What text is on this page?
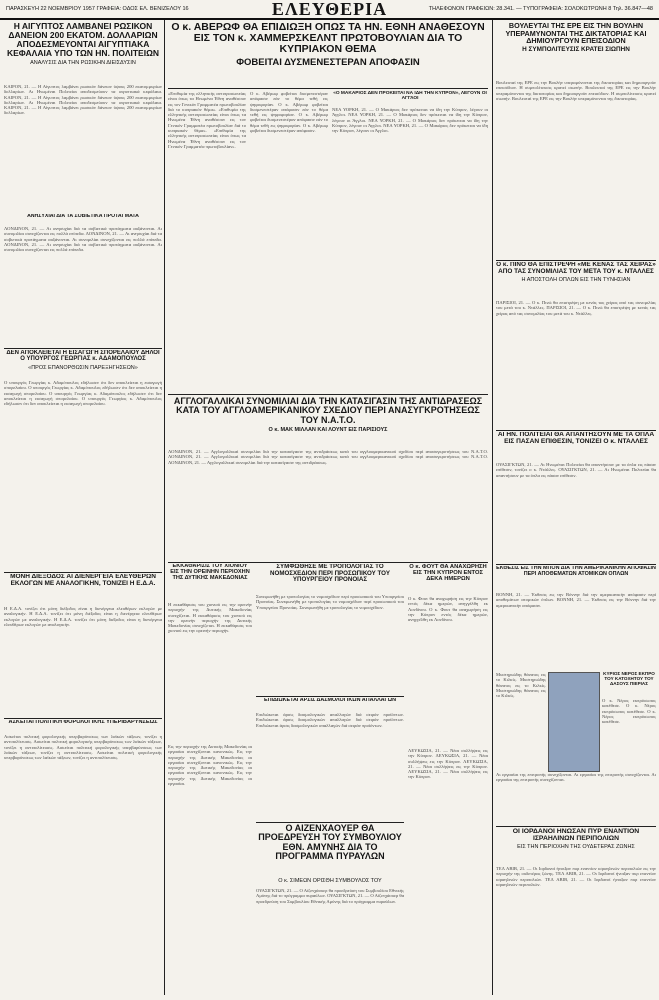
ΠΑΡΑΣΚΕΥΗ 22 ΝΟΕΜΒΡΙΟΥ 1957 ΓΡΑΦΕΙΑ: ΟΔΟΣ ΕΛ. ΒΕΝΙΖΕΛΟΥ 16	ΕΛΕΥΘΕΡΙΑ	ΤΗΛΕΦΩΝΟΝ ΓΡΑΦΕΙΩΝ: 28.341. — ΤΥΠΟΓΡΑΦΕΙΑ: ΣΟΛΟΚΩΤΡΩΝΗ 8 Τηλ. 36.847—48
Η ΑΙΓΥΠΤΟΣ ΛΑΜΒΑΝΕΙ ΡΩΣΙΚΟΝ ΔΑΝΕΙΟΝ 200 ΕΚΑΤΟΜ. ΔΟΛΛΑΡΙΩΝ ΑΠΟΔΕΣΜΕΥΟΝΤΑΙ ΑΙΓΥΠΤΙΑΚΑ ΚΕΦΑΛΑΙΑ ΥΠΟ ΤΩΝ ΗΝ. ΠΟΛΙΤΕΙΩΝ
ΑΝΑΛΥΣΙΣ ΔΙΑ ΤΗΝ ΡΩΣΙΚΗΝ ΔΙΕΙΣΔΥΣΙΝ
ΚΑΙΡΟΝ, 21. — Η Αίγυπτος λαμβάνει ρωσικόν δάνειον ύψους 200 εκατομμυρίων δολλαρίων. Αι Ηνωμέναι Πολιτείαι αποδεσμεύουν τα αιγυπτιακά κεφάλαια. ΚΑΙΡΟΝ, 21. — Η Αίγυπτος λαμβάνει ρωσικόν δάνειον ύψους 200 εκατομμυρίων δολλαρίων. Αι Ηνωμέναι Πολιτείαι αποδεσμεύουν τα αιγυπτιακά κεφάλαια. ΚΑΙΡΟΝ, 21. — Η Αίγυπτος λαμβάνει ρωσικόν δάνειον ύψους 200 εκατομμυρίων δολλαρίων.
ΑΝΗΣΥΧΙΑΙ ΔΙΑ ΤΑ ΣΟΒΙΕΤΙΚΑ ΠΡΟΤΑΓΜΑΤΑ
ΛΟΝΔΙΝΟΝ, 21. — Αι ανησυχίαι διά τα σοβιετικά προτάγματα αυξάνονται. Αι συνομιλίαι συνεχίζονται εις πολλά επίπεδα. ΛΟΝΔΙΝΟΝ, 21. — Αι ανησυχίαι διά τα σοβιετικά προτάγματα αυξάνονται. Αι συνομιλίαι συνεχίζονται εις πολλά επίπεδα. ΛΟΝΔΙΝΟΝ, 21. — Αι ανησυχίαι διά τα σοβιετικά προτάγματα αυξάνονται. Αι συνομιλίαι συνεχίζονται εις πολλά επίπεδα.
ΔΕΝ ΑΠΟΚΛΕΙΕΤΑΙ Η ΕΙΣΑΓΩΓΗ ΣΠΟΡΕΛΑΙΟΥ ΔΗΛΟΙ Ο ΥΠΟΥΡΓΟΣ ΓΕΩΡΓΙΑΣ κ. ΑΔΑΜΟΠΟΥΛΟΣ
«ΠΡΟΣ ΕΠΑΝΟΡΘΩΣΙΝ ΠΑΡΕΞΗΓΗΣΕΩΝ»
Ο υπουργός Γεωργίας κ. Αδαμόπουλος εδήλωσεν ότι δεν αποκλείεται η εισαγωγή σπορελαίου. Ο υπουργός Γεωργίας κ. Αδαμόπουλος εδήλωσεν ότι δεν αποκλείεται η εισαγωγή σπορελαίου. Ο υπουργός Γεωργίας κ. Αδαμόπουλος εδήλωσεν ότι δεν αποκλείεται η εισαγωγή σπορελαίου. Ο υπουργός Γεωργίας κ. Αδαμόπουλος εδήλωσεν ότι δεν αποκλείεται η εισαγωγή σπορελαίου.
ΜΟΝΗ ΔΙΕΞΟΔΟΣ ΑΙ ΔΙΕΝΕΡΓΕΙΑ ΕΛΕΥΘΕΡΩΝ ΕΚΛΟΓΩΝ ΜΕ ΑΝΑΛΟΓΙΚΗΝ, ΤΟΝΙΖΕΙ Η Ε.Δ.Α.
Η Ε.Δ.Α. τονίζει ότι μόνη διέξοδος είναι η διενέργεια ελευθέρων εκλογών με αναλογικήν. Η Ε.Δ.Α. τονίζει ότι μόνη διέξοδος είναι η διενέργεια ελευθέρων εκλογών με αναλογικήν. Η Ε.Δ.Α. τονίζει ότι μόνη διέξοδος είναι η διενέργεια ελευθέρων εκλογών με αναλογικήν.
ΑΣΚΕΙΤΑΙ ΠΟΛΙΤΙΚΗ ΦΟΡΟΛΟΓΙΚΗΣ ΥΠΕΡΙΒΑΡΥΝΣΕΩΣ
Ασκείται πολιτική φορολογικής υπερβαρύνσεως των λαϊκών τάξεων, τονίζει η αντιπολίτευσις. Ασκείται πολιτική φορολογικής υπερβαρύνσεως των λαϊκών τάξεων, τονίζει η αντιπολίτευσις. Ασκείται πολιτική φορολογικής υπερβαρύνσεως των λαϊκών τάξεων, τονίζει η αντιπολίτευσις. Ασκείται πολιτική φορολογικής υπερβαρύνσεως των λαϊκών τάξεων, τονίζει η αντιπολίτευσις.
Ο κ. ΑΒΕΡΩΦ ΘΑ ΕΠΙΔΙΩΞΗ ΟΠΩΣ ΤΑ ΗΝ. ΕΘΝΗ ΑΝΑΘΕΣΟΥΝ ΕΙΣ ΤΟΝ κ. ΧΑΜΜΕΡΣΚΕΛΝΤ ΠΡΩΤΟΒΟΥΛΙΑΝ ΔΙΑ ΤΟ ΚΥΠΡΙΑΚΟΝ ΘΕΜΑ
ΦΟΒΕΙΤΑΙ ΔΥΣΜΕΝΕΣΤΕΡΑΝ ΑΠΟΦΑΣΙΝ
«Επιθυμία της ελληνικής αντιπροσωπείας είναι όπως τα Ηνωμένα Έθνη αναθέσουν εις τον Γενικόν Γραμματέα πρωτοβουλίαν διά το κυπριακόν θέμα». «Επιθυμία της ελληνικής αντιπροσωπείας είναι όπως τα Ηνωμένα Έθνη αναθέσουν εις τον Γενικόν Γραμματέα πρωτοβουλίαν διά το κυπριακόν θέμα». «Επιθυμία της ελληνικής αντιπροσωπείας είναι όπως τα Ηνωμένα Έθνη αναθέσουν εις τον Γενικόν Γραμματέα πρωτοβουλίαν».
Ο κ. Αβέρωφ φοβείται δυσμενεστέραν απόφασιν εάν το θέμα τεθή εις ψηφοφορίαν. Ο κ. Αβέρωφ φοβείται δυσμενεστέραν απόφασιν εάν το θέμα τεθή εις ψηφοφορίαν. Ο κ. Αβέρωφ φοβείται δυσμενεστέραν απόφασιν εάν το θέμα τεθή εις ψηφοφορίαν. Ο κ. Αβέρωφ φοβείται δυσμενεστέραν απόφασιν.
«Ο ΜΑΚΑΡΙΟΣ ΔΕΝ ΠΡΟΚΕΙΤΑΙ ΝΑ ΙΔΗ ΤΗΝ ΚΥΠΡΟΝ», ΛΕΓΟΥΝ ΟΙ ΑΓΓΛΟΙ
ΝΕΑ ΥΟΡΚΗ, 21. — Ο Μακάριος δεν πρόκειται να ίδη την Κύπρον, λέγουν οι Άγγλοι. ΝΕΑ ΥΟΡΚΗ, 21. — Ο Μακάριος δεν πρόκειται να ίδη την Κύπρον, λέγουν οι Άγγλοι. ΝΕΑ ΥΟΡΚΗ, 21. — Ο Μακάριος δεν πρόκειται να ίδη την Κύπρον, λέγουν οι Άγγλοι. ΝΕΑ ΥΟΡΚΗ, 21. — Ο Μακάριος δεν πρόκειται να ίδη την Κύπρον, λέγουν οι Άγγλοι.
ΑΓΓΛΟΓΑΛΛΙΚΑΙ ΣΥΝΟΜΙΛΙΑΙ ΔΙΑ ΤΗΝ ΚΑΤΑΣΙΓΑΣΙΝ ΤΗΣ ΑΝΤΙΔΡΑΣΕΩΣ ΚΑΤΑ ΤΟΥ ΑΓΓΛΟΑΜΕΡΙΚΑΝΙΚΟΥ ΣΧΕΔΙΟΥ ΠΕΡΙ ΑΝΑΣΥΓΚΡΟΤΗΣΕΩΣ ΤΟΥ Ν.Α.Τ.Ο.
Ο κ. ΜΑΚ ΜΙΛΛΑΝ ΚΑΙ ΛΟΥΝΤ ΕΙΣ ΠΑΡΙΣΙΟΥΣ
ΛΟΝΔΙΝΟΝ, 21. — Αγγλογαλλικαί συνομιλίαι διά την κατασίγασιν της αντιδράσεως κατά του αγγλοαμερικανικού σχεδίου περί ανασυγκροτήσεως του Ν.Α.Τ.Ο. ΛΟΝΔΙΝΟΝ, 21. — Αγγλογαλλικαί συνομιλίαι διά την κατασίγασιν της αντιδράσεως κατά του αγγλοαμερικανικού σχεδίου περί ανασυγκροτήσεως του Ν.Α.Τ.Ο. ΛΟΝΔΙΝΟΝ, 21. — Αγγλογαλλικαί συνομιλίαι διά την κατασίγασιν της αντιδράσεως.
ΕΚΚΑΘΑΡΙΣΙΣ ΤΟΥ ΧΙΟΝΙΟΥ ΕΙΣ ΤΗΝ ΟΡΕΙΝΗΝ ΠΕΡΙΟΧΗΝ ΤΗΣ ΔΥΤΙΚΗΣ ΜΑΚΕΔΟΝΙΑΣ
Η εκκαθάρισις του χιονιού εις την ορεινήν περιοχήν της Δυτικής Μακεδονίας συνεχίζεται. Η εκκαθάρισις του χιονιού εις την ορεινήν περιοχήν της Δυτικής Μακεδονίας συνεχίζεται. Η εκκαθάρισις του χιονιού εις την ορεινήν περιοχήν.
ΣΥΜΦΩΘΗΣΕ ΜΕ ΤΡΟΠΟΛΟΓΙΑΣ ΤΟ ΝΟΜΟΣΧΕΔΙΟΝ ΠΕΡΙ ΠΡΟΣΩΠΙΚΟΥ ΤΟΥ ΥΠΟΥΡΓΕΙΟΥ ΠΡΟΝΟΙΑΣ
Συνεφωνήθη με τροπολογίας το νομοσχέδιον περί προσωπικού του Υπουργείου Προνοίας. Συνεφωνήθη με τροπολογίας το νομοσχέδιον περί προσωπικού του Υπουργείου Προνοίας. Συνεφωνήθη με τροπολογίας το νομοσχέδιον.
Ο κ. ΦΟΥΤ ΘΑ ΑΝΑΧΩΡΗΣΗ ΕΙΣ ΤΗΝ ΚΥΠΡΟΝ ΕΝΤΟΣ ΔΕΚΑ ΗΜΕΡΩΝ
Ο κ. Φουτ θα αναχωρήση εις την Κύπρον εντός δέκα ημερών, ανηγγέλθη εκ Λονδίνου. Ο κ. Φουτ θα αναχωρήση εις την Κύπρον εντός δέκα ημερών, ανηγγέλθη εκ Λονδίνου.
ΕΠΙΔΙΩΚΕΤΑΙ ΑΡΣΙΣ ΔΑΣΜΟΛΟΓΙΚΩΝ ΑΠΑΛΛΑΓΩΝ
Επιδιώκεται άρσις δασμολογικών απαλλαγών διά σειράν προϊόντων. Επιδιώκεται άρσις δασμολογικών απαλλαγών διά σειράν προϊόντων. Επιδιώκεται άρσις δασμολογικών απαλλαγών διά σειράν προϊόντων.
Ο ΑΙΖΕΝΧΑΟΥΕΡ ΘΑ ΠΡΟΕΔΡΕΥΣΗ ΤΟΥ ΣΥΜΒΟΥΛΙΟΥ ΕΘΝ. ΑΜΥΝΗΣ ΔΙΑ ΤΟ ΠΡΟΓΡΑΜΜΑ ΠΥΡΑΥΛΩΝ
Ο κ. ΣΙΜΕΩΝ ΟΡΙΣΘΗ ΣΥΜΒΟΥΛΟΣ ΤΟΥ
ΟΥΑΣΙΓΚΤΩΝ, 21. — Ο Αϊζενχάουερ θα προεδρεύση του Συμβουλίου Εθνικής Αμύνης διά το πρόγραμμα πυραύλων. ΟΥΑΣΙΓΚΤΩΝ, 21. — Ο Αϊζενχάουερ θα προεδρεύση του Συμβουλίου Εθνικής Αμύνης διά το πρόγραμμα πυραύλων.
Εις την περιοχήν της Δυτικής Μακεδονίας αι εργασίαι συνεχίζονται κανονικώς. Εις την περιοχήν της Δυτικής Μακεδονίας αι εργασίαι συνεχίζονται κανονικώς. Εις την περιοχήν της Δυτικής Μακεδονίας αι εργασίαι συνεχίζονται κανονικώς. Εις την περιοχήν της Δυτικής Μακεδονίας αι εργασίαι.
ΛΕΥΚΩΣΙΑ, 21. — Νέαι συλλήψεις εις την Κύπρον. ΛΕΥΚΩΣΙΑ, 21. — Νέαι συλλήψεις εις την Κύπρον. ΛΕΥΚΩΣΙΑ, 21. — Νέαι συλλήψεις εις την Κύπρον. ΛΕΥΚΩΣΙΑ, 21. — Νέαι συλλήψεις εις την Κύπρον.
ΒΟΥΛΕΥΤΑΙ ΤΗΣ ΕΡΕ ΕΙΣ ΤΗΝ ΒΟΥΛΗΝ ΥΠΕΡΑΜΥΝΟΝΤΑΙ ΤΗΣ ΔΙΚΤΑΤΟΡΙΑΣ ΚΑΙ ΔΗΜΙΟΥΡΓΟΥΝ ΕΠΕΙΣΟΔΙΟΝ
Η ΣΥΜΠΟΛΙΤΕΥΣΙΣ ΚΡΑΤΕΙ ΣΙΩΠΗΝ
Βουλευταί της ΕΡΕ εις την Βουλήν υπεραμύνονται της δικτατορίας και δημιουργούν επεισόδιον. Η συμπολίτευσις κρατεί σιωπήν. Βουλευταί της ΕΡΕ εις την Βουλήν υπεραμύνονται της δικτατορίας και δημιουργούν επεισόδιον. Η συμπολίτευσις κρατεί σιωπήν. Βουλευταί της ΕΡΕ εις την Βουλήν υπεραμύνονται της δικτατορίας.
Ο κ. ΠΙΝΟ ΘΑ ΕΠΙΣΤΡΕΨΗ «ΜΕ ΚΕΝΑΣ ΤΑΣ ΧΕΙΡΑΣ» ΑΠΟ ΤΑΣ ΣΥΝΟΜΙΛΙΑΣ ΤΟΥ ΜΕΤΑ ΤΟΥ κ. ΝΤΑΛΛΕΣ
Η ΑΠΟΣΤΟΛΗ ΟΠΛΩΝ ΕΙΣ ΤΗΝ ΤΥΝΗΣΙΑΝ
ΠΑΡΙΣΙΟΙ, 21. — Ο κ. Πινώ θα επιστρέψη με κενάς τας χείρας από τας συνομιλίας του μετά του κ. Ντάλλες. ΠΑΡΙΣΙΟΙ, 21. — Ο κ. Πινώ θα επιστρέψη με κενάς τας χείρας από τας συνομιλίας του μετά του κ. Ντάλλες.
ΑΙ ΗΝ. ΠΟΛΙΤΕΙΑΙ ΘΑ ΑΠΑΝΤΗΣΟΥΝ ΜΕ ΤΑ ΟΠΛΑ ΕΙΣ ΠΑΣΑΝ ΕΠΙΘΕΣΙΝ, ΤΟΝΙΖΕΙ Ο κ. ΝΤΑΛΛΕΣ
ΟΥΑΣΙΓΚΤΩΝ, 21. — Αι Ηνωμέναι Πολιτείαι θα απαντήσουν με τα όπλα εις πάσαν επίθεσιν, τονίζει ο κ. Ντάλλες. ΟΥΑΣΙΓΚΤΩΝ, 21. — Αι Ηνωμέναι Πολιτείαι θα απαντήσουν με τα όπλα εις πάσαν επίθεσιν.
ΕΚΘΕΣΙΣ ΕΙΣ ΤΗΝ ΜΠΟΝ ΔΙΑ ΤΗΝ ΑΜΕΡΙΚΑΝΙΚΗΝ ΑΠΟΦΑΣΙΝ ΠΕΡΙ ΑΠΟΘΕΜΑΤΩΝ ΑΤΟΜΙΚΩΝ ΟΠΛΩΝ
ΒΟΝΝΗ, 21. — Έκθεσις εις την Βόννην διά την αμερικανικήν απόφασιν περί αποθεμάτων ατομικών όπλων. ΒΟΝΝΗ, 21. — Έκθεσις εις την Βόννην διά την αμερικανικήν απόφασιν.
Μυστηριώδης θάνατος εις το Κιλκίς. Μυστηριώδης θάνατος εις το Κιλκίς. Μυστηριώδης θάνατος εις το Κιλκίς.
ΚΥΡΙΟΣ ΝΕΡΟΣ ΕΚΠΡΟ ΤΟΥ ΚΑΤΟΧΗΤΟΥ ΤΟΥ ΔΑΣΟΥΣ ΠΙΕΡΙΑΣ
Ο κ. Νέρος εκπρόσωπος κατέθεσε. Ο κ. Νέρος εκπρόσωπος κατέθεσε. Ο κ. Νέρος εκπρόσωπος κατέθεσε.
ΟΙ ΙΟΡΔΑΝΟΙ ΗΝΩΣΑΝ ΠΥΡ ΕΝΑΝΤΙΟΝ ΙΣΡΑΗΛΙΝΩΝ ΠΕΡΙΠΟΛΙΩΝ
ΕΙΣ ΤΗΝ ΠΕΡΙΟΧΗΝ ΤΗΣ ΟΥΔΕΤΕΡΑΣ ΖΩΝΗΣ
ΤΕΛ ΑΒΙΒ, 21. — Οι Ιορδανοί ήνοιξαν πυρ εναντίον ισραηλινών περιπολιών εις την περιοχήν της ουδετέρας ζώνης. ΤΕΛ ΑΒΙΒ, 21. — Οι Ιορδανοί ήνοιξαν πυρ εναντίον ισραηλινών περιπολιών. ΤΕΛ ΑΒΙΒ, 21. — Οι Ιορδανοί ήνοιξαν πυρ εναντίον ισραηλινών περιπολιών.
Αι εργασίαι της επιτροπής συνεχίζονται. Αι εργασίαι της επιτροπής συνεχίζονται. Αι εργασίαι της επιτροπής συνεχίζονται.
